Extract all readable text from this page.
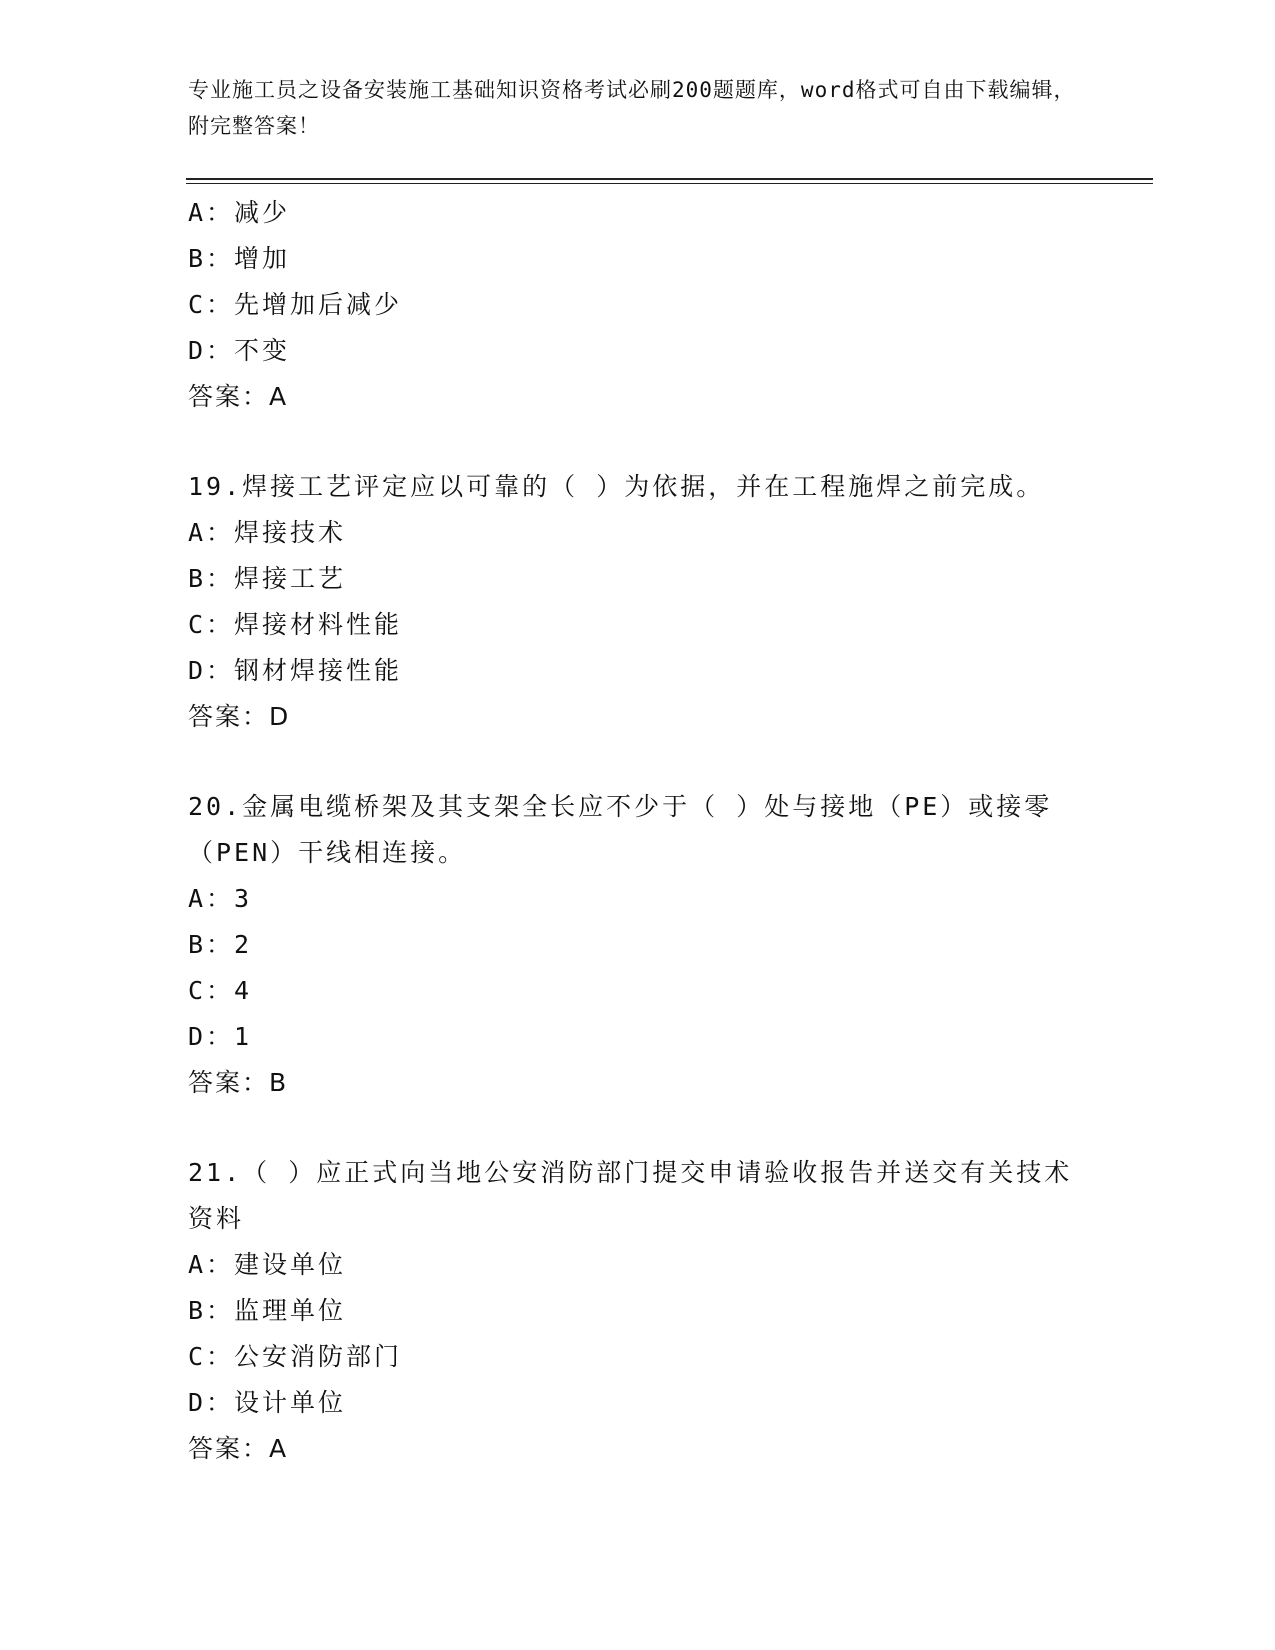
专业施工员之设备安装施工基础知识资格考试必刷200题题库，word格式可自由下载编辑，附完整答案！
A：减少
B：增加
C：先增加后减少
D：不变
答案：A
19.焊接工艺评定应以可靠的（ ）为依据，并在工程施焊之前完成。
A：焊接技术
B：焊接工艺
C：焊接材料性能
D：钢材焊接性能
答案：D
20.金属电缆桥架及其支架全长应不少于（ ）处与接地（PE）或接零（PEN）干线相连接。
A：3
B：2
C：4
D：1
答案：B
21.（ ）应正式向当地公安消防部门提交申请验收报告并送交有关技术资料
A：建设单位
B：监理单位
C：公安消防部门
D：设计单位
答案：A
